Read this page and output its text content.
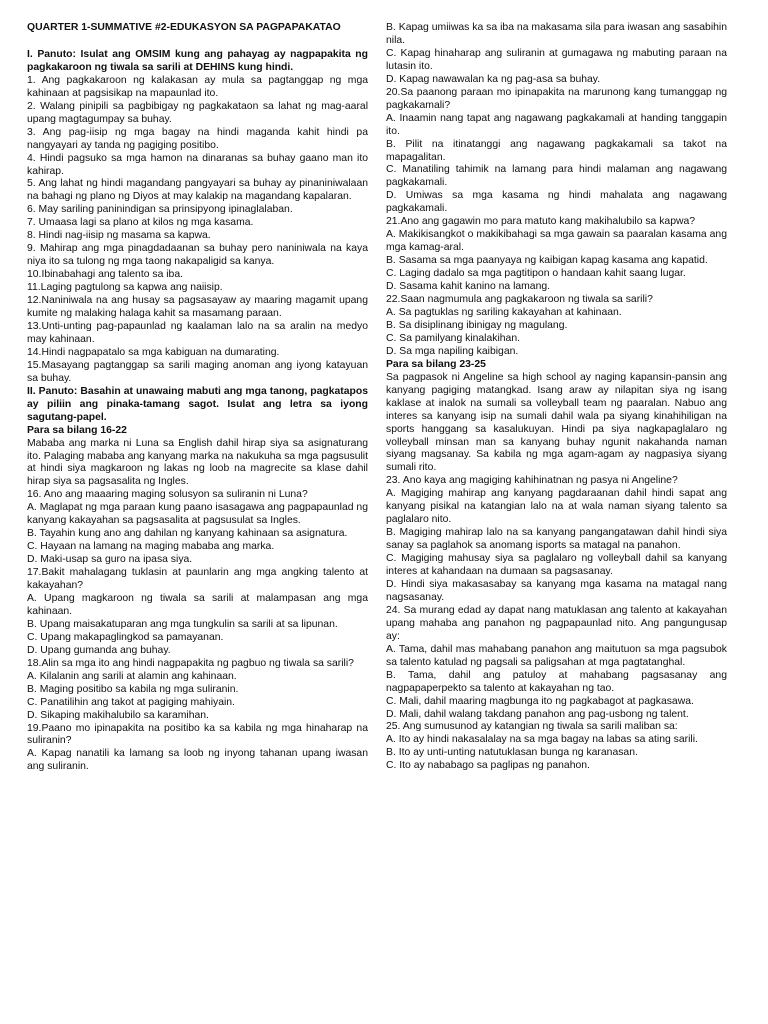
QUARTER 1-SUMMATIVE #2-EDUKASYON SA PAGPAPAKATAO

I. Panuto: Isulat ang OMSIM kung ang pahayag ay nagpapakita ng pagkakaroon ng tiwala sa sarili at DEHINS kung hindi.

1. Ang pagkakaroon ng kalakasan ay mula sa pagtanggap ng mga kahinaan at pagsisikap na mapaunlad ito.

2. Walang pinipili sa pagbibigay ng pagkakataon sa lahat ng mag-aaral upang magtagumpay sa buhay.

3. Ang pag-iisip ng mga bagay na hindi maganda kahit hindi pa nangyayari ay tanda ng pagiging positibo.

4. Hindi pagsuko sa mga hamon na dinaranas sa buhay gaano man ito kahirap.

5. Ang lahat ng hindi magandang pangyayari sa buhay ay pinaniniwalaan na bahagi ng plano ng Diyos at may kalakip na magandang kapalaran.

6. May sariling paninindigan sa prinsipyong ipinaglalaban.

7. Umaasa lagi sa plano at kilos ng mga kasama.

8. Hindi nag-iisip ng masama sa kapwa.

9. Mahirap ang mga pinagdadaanan sa buhay pero naniniwala na kaya niya ito sa tulong ng mga taong nakapaligid sa kanya.

10.Ibinabahagi ang talento sa iba.

11.Laging pagtulong sa kapwa ang naiisip.

12.Naniniwala na ang husay sa pagsasayaw ay maaring magamit upang kumite ng malaking halaga kahit sa masamang paraan.

13.Unti-unting pag-papaunlad ng kaalaman lalo na sa aralin na medyo may kahinaan.

14.Hindi nagpapatalo sa mga kabiguan na dumarating.

15.Masayang pagtanggap sa sarili maging anoman ang iyong katayuan sa buhay.

II. Panuto: Basahin at unawaing mabuti ang mga tanong, pagkatapos ay piliin ang pinaka-tamang sagot. Isulat ang letra sa iyong sagutang-papel.

Para sa bilang 16-22

Mababa ang marka ni Luna sa English dahil hirap siya sa asignaturang ito. Palaging mababa ang kanyang marka na nakukuha sa mga pagsusulit at hindi siya magkaroon ng lakas ng loob na magrecite sa klase dahil hirap siya sa pagsasalita ng Ingles.

16. Ano ang maaaring maging solusyon sa suliranin ni Luna?

A. Maglapat ng mga paraan kung paano isasagawa ang pagpapaunlad ng kanyang kakayahan sa pagsasalita at pagsusulat sa Ingles.

B. Tayahin kung ano ang dahilan ng kanyang kahinaan sa asignatura.

C. Hayaan na lamang na maging mababa ang marka.

D. Maki-usap sa guro na ipasa siya.

17.Bakit mahalagang tuklasin at paunlarin ang mga angking talento at kakayahan?

A. Upang magkaroon ng tiwala sa sarili at malampasan ang mga kahinaan.

B. Upang maisakatuparan ang mga tungkulin sa sarili at sa lipunan.

C. Upang makapaglingkod sa pamayanan.

D. Upang gumanda ang buhay.

18.Alin sa mga ito ang hindi nagpapakita ng pagbuo ng tiwala sa sarili?

A. Kilalanin ang sarili at alamin ang kahinaan.

B. Maging positibo sa kabila ng mga suliranin.

C. Panatilihin ang takot at pagiging mahiyain.

D. Sikaping makihalubilo sa karamihan.

19.Paano mo ipinapakita na positibo ka sa kabila ng mga hinaharap na suliranin?

A. Kapag nanatili ka lamang sa loob ng inyong tahanan upang iwasan ang suliranin.

B. Kapag umiiwas ka sa iba na makasama sila para iwasan ang sasabihin nila.

C. Kapag hinaharap ang suliranin at gumagawa ng mabuting paraan na lutasin ito.

D. Kapag nawawalan ka ng pag-asa sa buhay.

20.Sa paanong paraan mo ipinapakita na marunong kang tumanggap ng pagkakamali?

A. Inaamin nang tapat ang nagawang pagkakamali at handing tanggapin ito.

B. Pilit na itinatanggi ang nagawang pagkakamali sa takot na mapagalitan.

C. Manatiling tahimik na lamang para hindi malaman ang nagawang pagkakamali.

D. Umiwas sa mga kasama ng hindi mahalata ang nagawang pagkakamali.

21.Ano ang gagawin mo para matuto kang makihalubilo sa kapwa?

A. Makikisangkot o makikibahagi sa mga gawain sa paaralan kasama ang mga kamag-aral.

B. Sasama sa mga paanyaya ng kaibigan kapag kasama ang kapatid.

C. Laging dadalo sa mga pagtitipon o handaan kahit saang lugar.

D. Sasama kahit kanino na lamang.

22.Saan nagmumula ang pagkakaroon ng tiwala sa sarili?

A. Sa pagtuklas ng sariling kakayahan at kahinaan.

B. Sa disiplinang ibinigay ng magulang.

C. Sa pamilyang kinalakihan.

D. Sa mga napiling kaibigan.

Para sa bilang 23-25

Sa pagpasok ni Angeline sa high school ay naging kapansin-pansin ang kanyang pagiging matangkad. Isang araw ay nilapitan siya ng isang kaklase at inalok na sumali sa volleyball team ng paaralan. Nabuo ang interes sa kanyang isip na sumali dahil wala pa siyang kinahihiligan na sports hanggang sa kasalukuyan. Hindi pa siya nagkapaglalaro ng volleyball minsan man sa kanyang buhay ngunit nakahanda naman siyang magsanay. Sa kabila ng mga agam-agam ay nagpasiya siyang sumali rito.

23. Ano kaya ang magiging kahihinatnan ng pasya ni Angeline?

A. Magiging mahirap ang kanyang pagdaraanan dahil hindi sapat ang kanyang pisikal na katangian lalo na at wala naman siyang talento sa paglalaro nito.

B. Magiging mahirap lalo na sa kanyang pangangatawan dahil hindi siya sanay sa paglahok sa anomang isports sa matagal na panahon.

C. Magiging mahusay siya sa paglalaro ng volleyball dahil sa kanyang interes at kahandaan na dumaan sa pagsasanay.

D. Hindi siya makasasabay sa kanyang mga kasama na matagal nang nagsasanay.

24. Sa murang edad ay dapat nang matuklasan ang talento at kakayahan upang mahaba ang panahon ng pagpapaunlad nito. Ang pangungusap ay:

A. Tama, dahil mas mahabang panahon ang maitutuon sa mga pagsubok sa talento katulad ng pagsali sa paligsahan at mga pagtatanghal.

B. Tama, dahil ang patuloy at mahabang pagsasanay ang nagpapaperpekto sa talento at kakayahan ng tao.

C. Mali, dahil maaring magbunga ito ng pagkabagot at pagkasawa.

D. Mali, dahil walang takdang panahon ang pag-usbong ng talent.

25. Ang sumusunod ay katangian ng tiwala sa sarili maliban sa:

A. Ito ay hindi nakasalalay na sa mga bagay na labas sa ating sarili.

B. Ito ay unti-unting natutuklasan bunga ng karanasan.

C. Ito ay nababago sa paglipas ng panahon.
